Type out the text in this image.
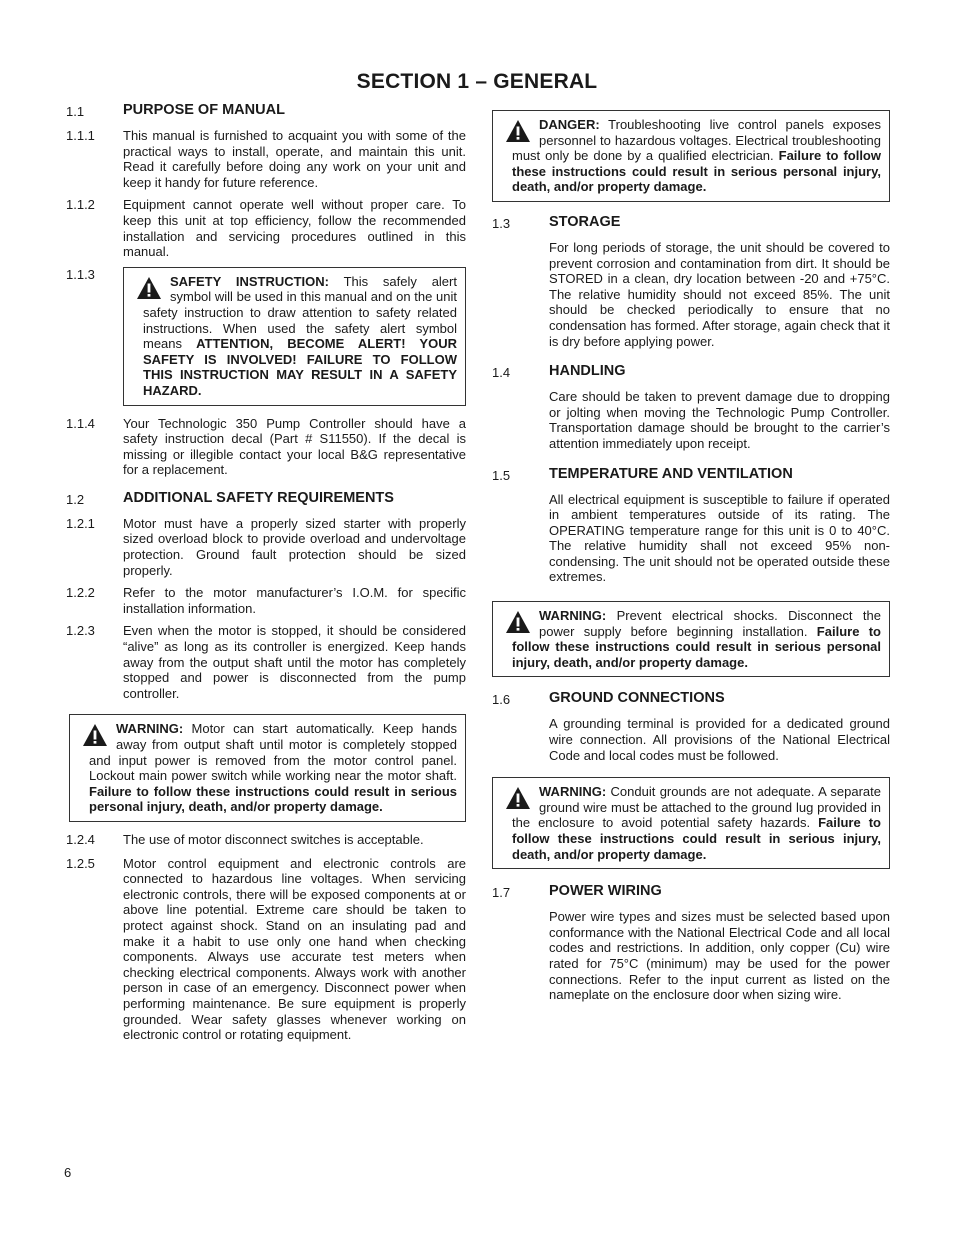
SECTION 1 – GENERAL
1.1	PURPOSE OF MANUAL
1.1.1 This manual is furnished to acquaint you with some of the practical ways to install, operate, and maintain this unit. Read it carefully before doing any work on your unit and keep it handy for future reference.
1.1.2 Equipment cannot operate well without proper care. To keep this unit at top efficiency, follow the recommended installation and servicing procedures outlined in this manual.
1.1.3	SAFETY INSTRUCTION: This safely alert symbol will be used in this manual and on the unit safety instruction to draw attention to safety related instructions. When used the safety alert symbol means ATTENTION, BECOME ALERT! YOUR SAFETY IS INVOLVED! FAILURE TO FOLLOW THIS INSTRUCTION MAY RESULT IN A SAFETY HAZARD.
1.1.4 Your Technologic 350 Pump Controller should have a safety instruction decal (Part # S11550). If the decal is missing or illegible contact your local B&G representative for a replacement.
1.2	ADDITIONAL SAFETY REQUIREMENTS
1.2.1 Motor must have a properly sized starter with properly sized overload block to provide overload and undervoltage protection. Ground fault protection should be sized properly.
1.2.2 Refer to the motor manufacturer’s I.O.M. for specific installation information.
1.2.3 Even when the motor is stopped, it should be considered “alive” as long as its controller is energized. Keep hands away from the output shaft until the motor has completely stopped and power is disconnected from the pump controller.
WARNING: Motor can start automatically. Keep hands away from output shaft until motor is completely stopped and input power is removed from the motor control panel. Lockout main power switch while working near the motor shaft. Failure to follow these instructions could result in serious personal injury, death, and/or property damage.
1.2.4 The use of motor disconnect switches is acceptable.
1.2.5 Motor control equipment and electronic controls are connected to hazardous line voltages. When servicing electronic controls, there will be exposed components at or above line potential. Extreme care should be taken to protect against shock. Stand on an insulating pad and make it a habit to use only one hand when checking components. Always use accurate test meters when checking electrical components. Always work with another person in case of an emergency. Disconnect power when performing maintenance. Be sure equipment is properly grounded. Wear safety glasses whenever working on electronic control or rotating equipment.
DANGER: Troubleshooting live control panels exposes personnel to hazardous voltages. Electrical troubleshooting must only be done by a qualified electrician. Failure to follow these instructions could result in serious personal injury, death, and/or property damage.
1.3	STORAGE
For long periods of storage, the unit should be covered to prevent corrosion and contamination from dirt. It should be STORED in a clean, dry location between -20 and +75°C. The relative humidity should not exceed 85%. The unit should be checked periodically to ensure that no condensation has formed. After storage, again check that it is dry before applying power.
1.4	HANDLING
Care should be taken to prevent damage due to dropping or jolting when moving the Technologic Pump Controller. Transportation damage should be brought to the carrier’s attention immediately upon receipt.
1.5	TEMPERATURE AND VENTILATION
All electrical equipment is susceptible to failure if operated in ambient temperatures outside of its rating. The OPERATING temperature range for this unit is 0 to 40°C. The relative humidity shall not exceed 95% non-condensing. The unit should not be operated outside these extremes.
WARNING: Prevent electrical shocks. Disconnect the power supply before beginning installation. Failure to follow these instructions could result in serious personal injury, death, and/or property damage.
1.6	GROUND CONNECTIONS
A grounding terminal is provided for a dedicated ground wire connection. All provisions of the National Electrical Code and local codes must be followed.
WARNING: Conduit grounds are not adequate. A separate ground wire must be attached to the ground lug provided in the enclosure to avoid potential safety hazards. Failure to follow these instructions could result in serious injury, death, and/or property damage.
1.7	POWER WIRING
Power wire types and sizes must be selected based upon conformance with the National Electrical Code and all local codes and restrictions. In addition, only copper (Cu) wire rated for 75°C (minimum) may be used for the power connections. Refer to the input current as listed on the nameplate on the enclosure door when sizing wire.
6
